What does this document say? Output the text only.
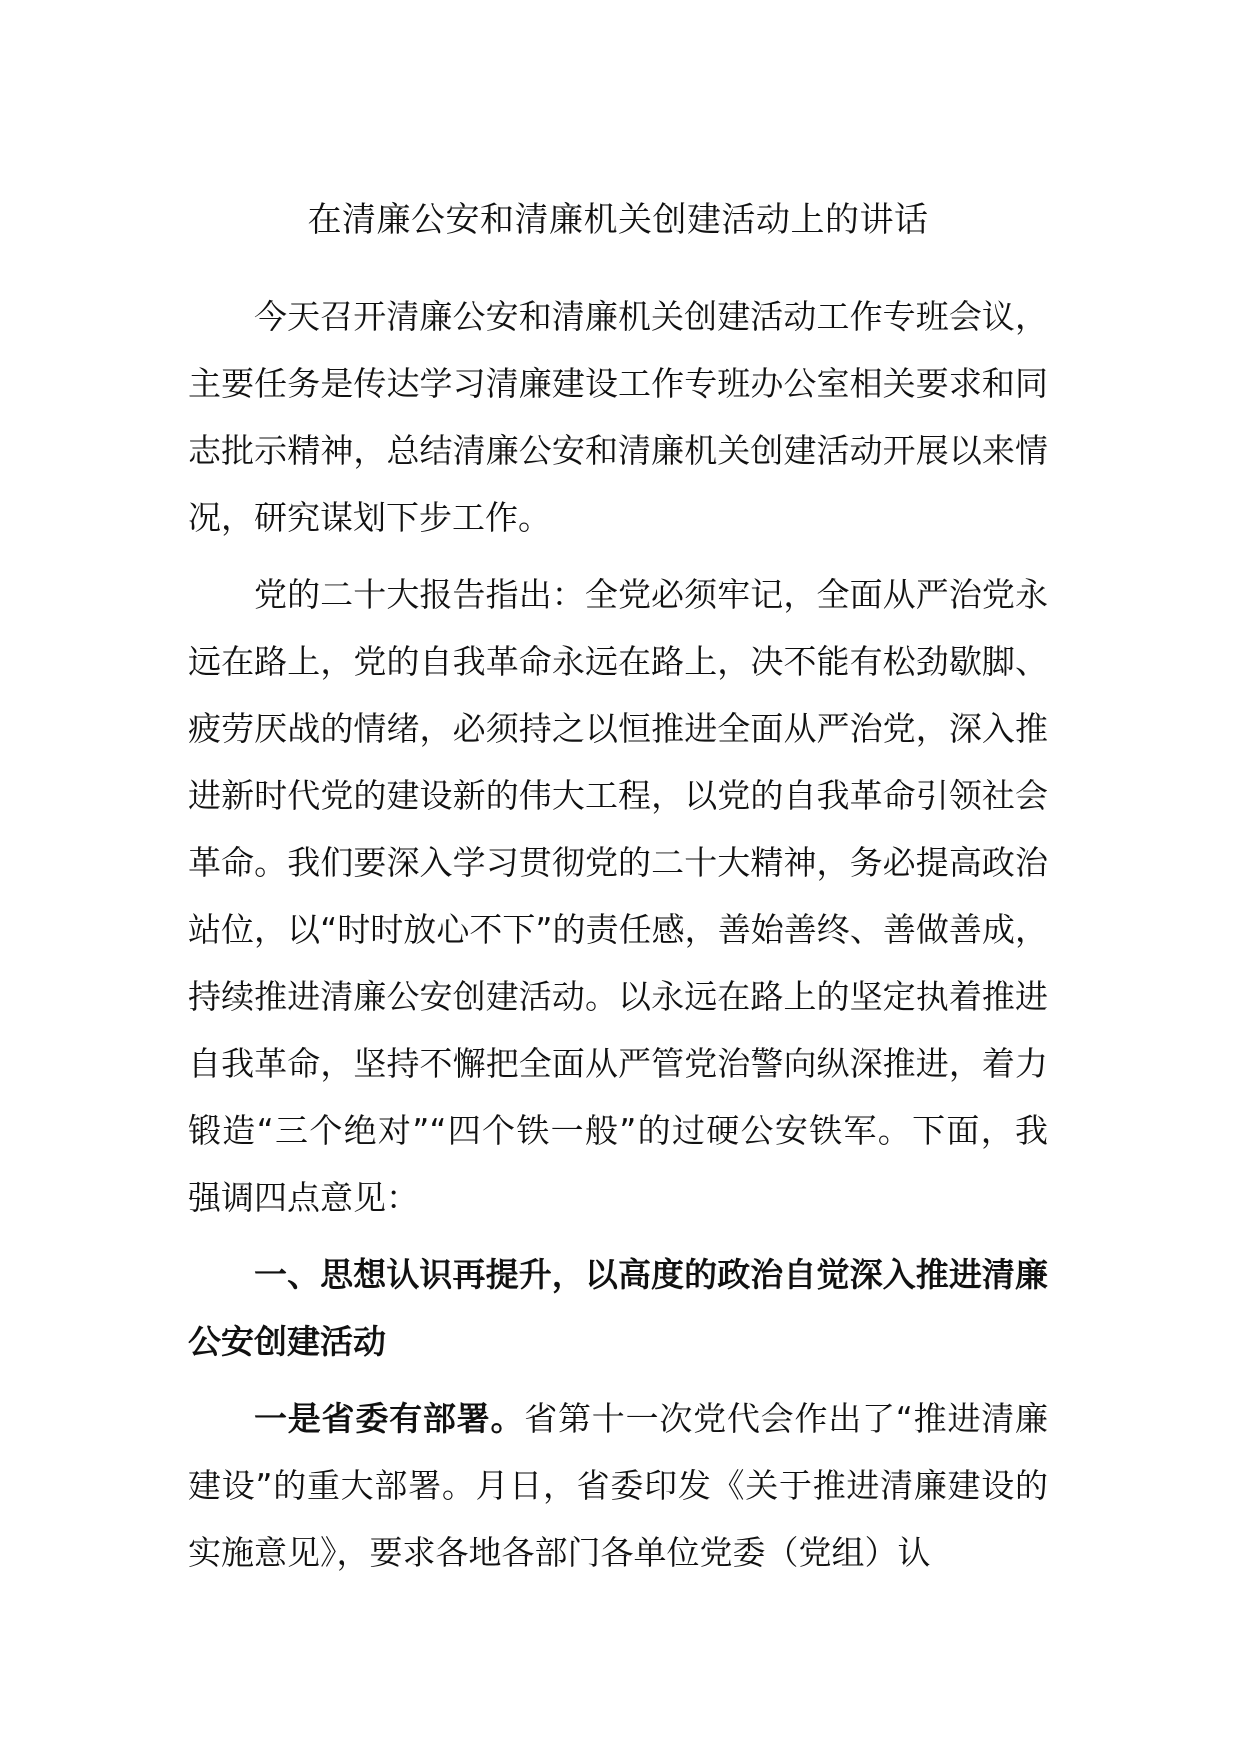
在清廉公安和清廉机关创建活动上的讲话

今天召开清廉公安和清廉机关创建活动工作专班会议，主要任务是传达学习清廉建设工作专班办公室相关要求和同志批示精神，总结清廉公安和清廉机关创建活动开展以来情况，研究谋划下步工作。

党的二十大报告指出：全党必须牢记，全面从严治党永远在路上，党的自我革命永远在路上，决不能有松劲歇脚、疲劳厌战的情绪，必须持之以恒推进全面从严治党，深入推进新时代党的建设新的伟大工程，以党的自我革命引领社会革命。我们要深入学习贯彻党的二十大精神，务必提高政治站位，以“时时放心不下”的责任感，善始善终、善做善成，持续推进清廉公安创建活动。以永远在路上的坚定执着推进自我革命，坚持不懈把全面从严管党治警向纵深推进，着力锻造“三个绝对”“四个铁一般”的过硬公安铁军。下面，我强调四点意见：

一、思想认识再提升，以高度的政治自觉深入推进清廉公安创建活动

一是省委有部署。省第十一次党代会作出了“推进清廉建设”的重大部署。月日，省委印发《关于推进清廉建设的实施意见》，要求各地各部门各单位党委（党组）认
